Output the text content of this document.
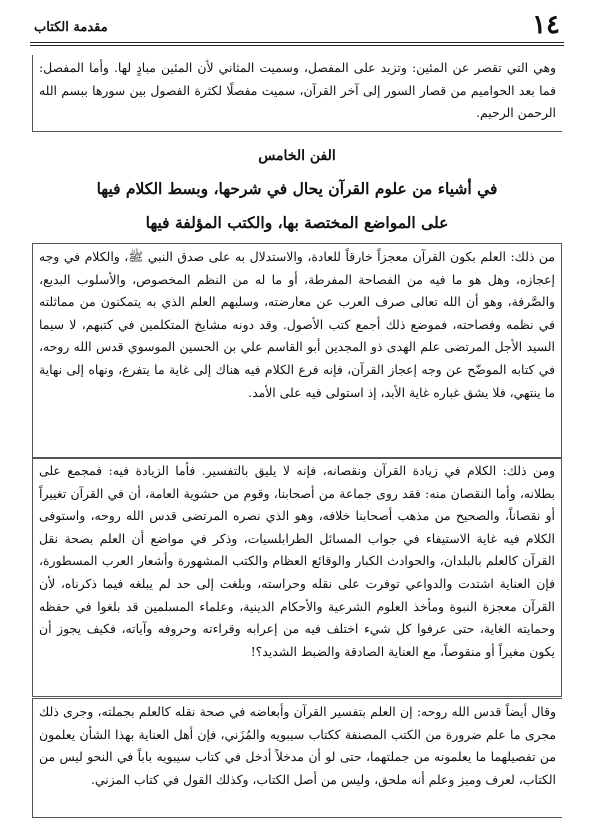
١٤
مقدمة الكتاب

وهي التي تقصر عن المئين: وتزيد على المفصل، وسميت المثاني لأن المئين مبادٍ لها. وأما المفصل: فما بعد الحواميم من قصار السور إلى آخر القرآن، سميت مفصلًا لكثرة الفصول بين سورها ببسم الله الرحمن الرحيم.

الفن الخامس
في أشياء من علوم القرآن يحال في شرحها، وبسط الكلام فيها
على المواضع المختصة بها، والكتب المؤلفة فيها

من ذلك: العلم بكون القرآن معجزاً خارقاً للعادة، والاستدلال به على صدق النبي ﷺ، والكلام في وجه إعجازه، وهل هو ما فيه من الفصاحة المفرطة، أو ما له من النظم المخصوص، والأسلوب البديع، والصَّرفة، وهو أن الله تعالى صرف العرب عن معارضته، وسلبهم العلم الذي به يتمكنون من مماثلته في نظمه وفصاحته، فموضع ذلك أجمع كتب الأصول. وقد دونه مشايخ المتكلمين في كتبهم، لا سيما السيد الأجل المرتضى علم الهدى ذو المجدين أبو القاسم علي بن الحسين الموسوي قدس الله روحه، في كتابه الموضّح عن وجه إعجاز القرآن، فإنه فرع الكلام فيه هناك إلى غاية ما يتفرع، ونهاه إلى نهاية ما ينتهي، فلا يشق غباره غاية الأبد، إذ استولى فيه على الأمد.

ومن ذلك: الكلام في زيادة القرآن ونقصانه، فإنه لا يليق بالتفسير. فأما الزيادة فيه: فمجمع على بطلانه، وأما النقصان منه: فقد روى جماعة من أصحابنا، وقوم من حشوية العامة، أن في القرآن تغييراً أو نقصاناً، والصحيح من مذهب أصحابنا خلافه، وهو الذي نصره المرتضى قدس الله روحه، واستوفى الكلام فيه غاية الاستيفاء في جواب المسائل الطرابلسيات، وذكر في مواضع أن العلم بصحة نقل القرآن كالعلم بالبلدان، والحوادث الكبار والوقائع العظام والكتب المشهورة وأشعار العرب المسطورة، فإن العناية اشتدت والدواعي توفرت على نقله وحراسته، وبلغت إلى حد لم يبلغه فيما ذكرناه، لأن القرآن معجزة النبوة ومأخذ العلوم الشرعية والأحكام الدينية، وعلماء المسلمين قد بلغوا في حفظه وحمايته الغاية، حتى عرفوا كل شيء اختلف فيه من إعرابه وقراءته وحروفه وآياته، فكيف يجوز أن يكون مغيراً أو منقوصاً، مع العناية الصادقة والضبط الشديد؟!

وقال أيضاً قدس الله روحه: إن العلم بتفسير القرآن وأبعاضه في صحة نقله كالعلم بجملته، وجرى ذلك مجرى ما علم ضرورة من الكتب المصنفة ككتاب سيبويه والمُزَني، فإن أهل العناية بهذا الشأن يعلمون من تفصيلهما ما يعلمونه من جملتهما، حتى لو أن مدخلاً أدخل في كتاب سيبويه باباً في النحو ليس من الكتاب، لعرف وميز وعلم أنه ملحق، وليس من أصل الكتاب، وكذلك القول في كتاب المزني.
